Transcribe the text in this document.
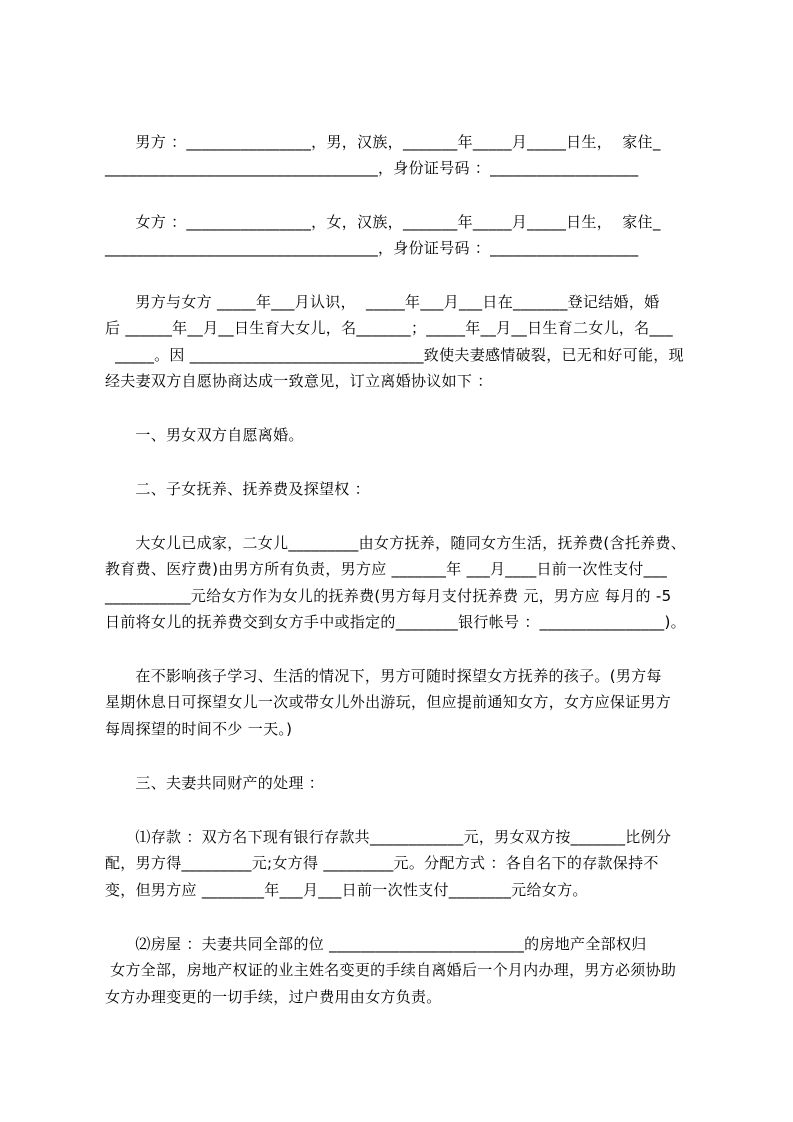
男方 ：________________，男，汉族，_______年_____月_____日生，  家住_
___________________________________，身份证号码 ：___________________
女方 ：________________，女，汉族，_______年_____月_____日生，  家住_
___________________________________，身份证号码 ：___________________
男方与女方 _____年___月认识，  _____年___月___日在_______登记结婚，婚
后 ______年__月__日生育大女儿，名_______；_____年__月__日生育二女儿，名___
_____。因 ______________________________致使夫妻感情破裂，已无和好可能，现
经夫妻双方自愿协商达成一致意见，订立离婚协议如下 ：
一、男女双方自愿离婚。
二、子女抚养、抚养费及探望权 ：
大女儿已成家，二女儿_________由女方抚养，随同女方生活，抚养费(含托养费、
教育费、医疗费)由男方所有负责，男方应 _______年 ___月____日前一次性支付___
___________元给女方作为女儿的抚养费(男方每月支付抚养费 元，男方应 每月的 -5
日前将女儿的抚养费交到女方手中或指定的________银行帐号 ：________________)。
在不影响孩子学习、生活的情况下，男方可随时探望女方抚养的孩子。(男方每
星期休息日可探望女儿一次或带女儿外出游玩，但应提前通知女方，女方应保证男方
每周探望的时间不少 一天。)
三、夫妻共同财产的处理 ：
⑴存款 ：双方名下现有银行存款共____________元，男女双方按_______比例分
配，男方得_________元;女方得 _________元。分配方式 ：各自名下的存款保持不
变，但男方应 ________年___月___日前一次性支付________元给女方。
⑵房屋 ：夫妻共同全部的位 _________________________的房地产全部权归
女方全部，房地产权证的业主姓名变更的手续自离婚后一个月内办理，男方必须协助
女方办理变更的一切手续，过户费用由女方负责。
